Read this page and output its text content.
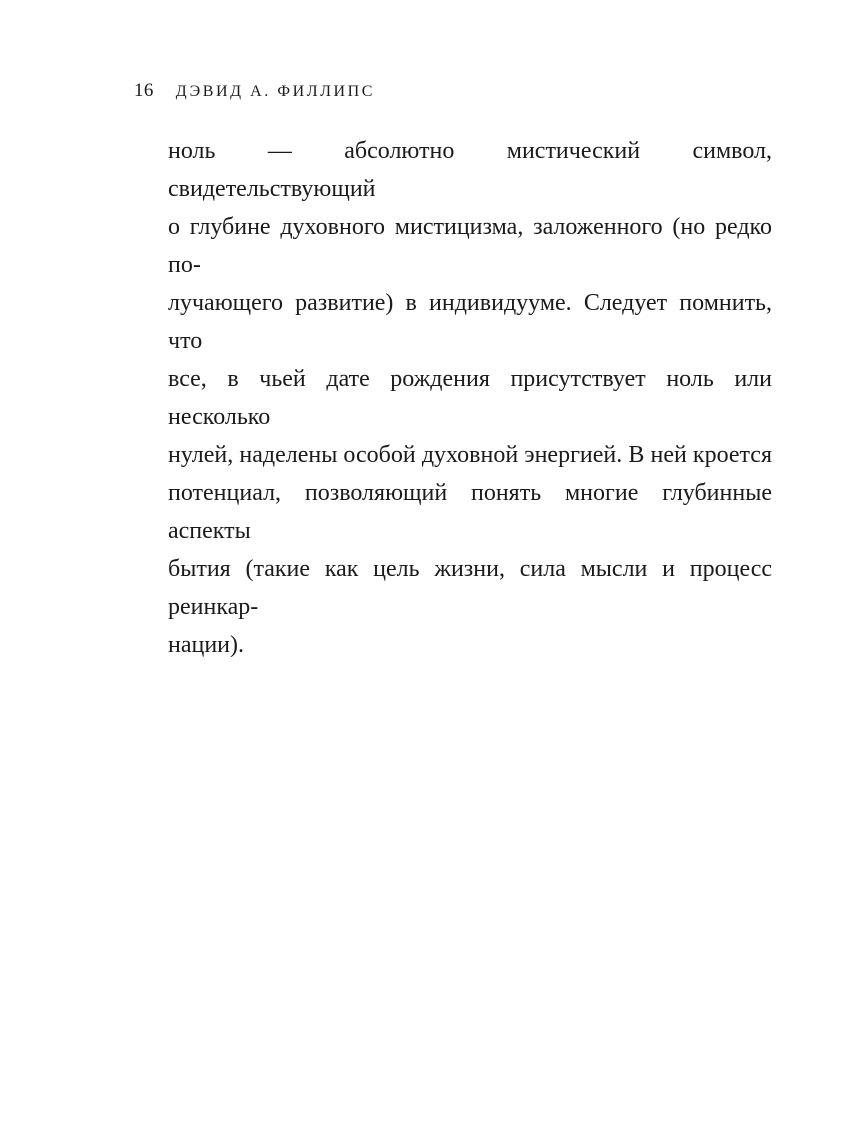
16 ДЭВИД А. ФИЛЛИПС
ноль — абсолютно мистический символ, свидетельствующий
о глубине духовного мистицизма, заложенного (но редко по-
лучающего развитие) в индивидууме. Следует помнить, что
все, в чьей дате рождения присутствует ноль или несколько
нулей, наделены особой духовной энергией. В ней кроется
потенциал, позволяющий понять многие глубинные аспекты
бытия (такие как цель жизни, сила мысли и процесс реинкар-
нации).
